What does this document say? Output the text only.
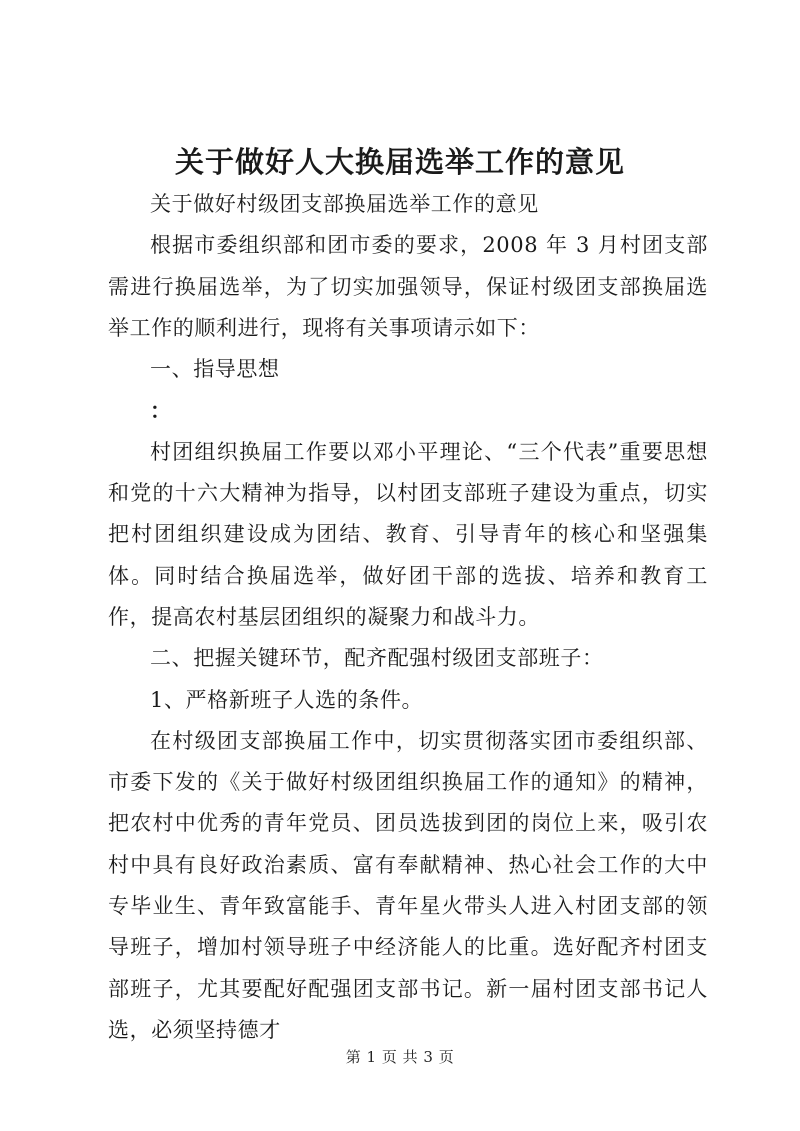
关于做好人大换届选举工作的意见

关于做好村级团支部换届选举工作的意见

根据市委组织部和团市委的要求，2008 年 3 月村团支部需进行换届选举，为了切实加强领导，保证村级团支部换届选举工作的顺利进行，现将有关事项请示如下：

一、指导思想

：

村团组织换届工作要以邓小平理论、“三个代表”重要思想和党的十六大精神为指导，以村团支部班子建设为重点，切实把村团组织建设成为团结、教育、引导青年的核心和坚强集体。同时结合换届选举，做好团干部的选拔、培养和教育工作，提高农村基层团组织的凝聚力和战斗力。

二、把握关键环节，配齐配强村级团支部班子：

1、严格新班子人选的条件。

在村级团支部换届工作中，切实贯彻落实团市委组织部、市委下发的《关于做好村级团组织换届工作的通知》的精神，把农村中优秀的青年党员、团员选拔到团的岗位上来，吸引农村中具有良好政治素质、富有奉献精神、热心社会工作的大中专毕业生、青年致富能手、青年星火带头人进入村团支部的领导班子，增加村领导班子中经济能人的比重。选好配齐村团支部班子，尤其要配好配强团支部书记。新一届村团支部书记人选，必须坚持德才

第 1 页 共 3 页
